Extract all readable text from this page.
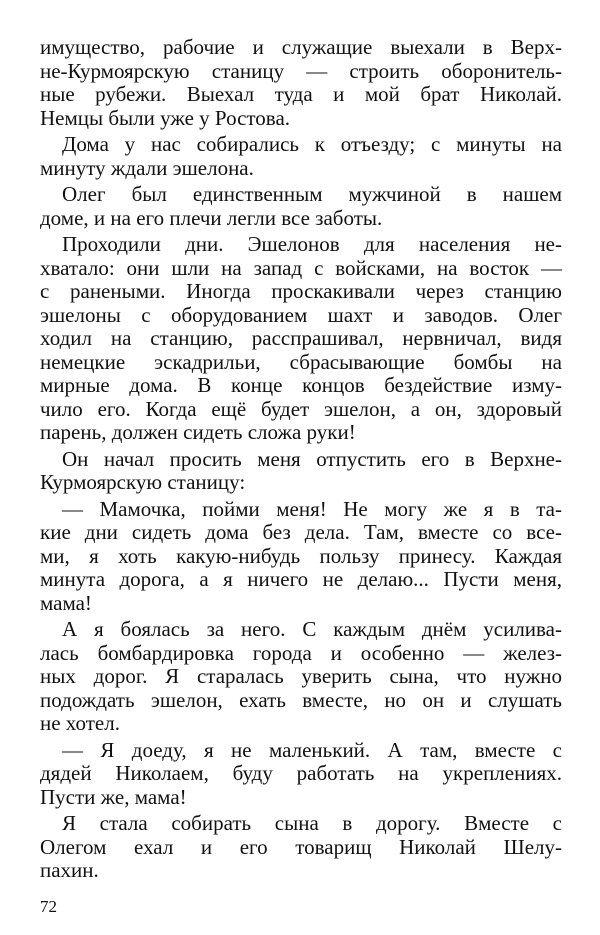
имущество, рабочие и служащие выехали в Верх-
не-Курмоярскую станицу — строить оборонитель-
ные рубежи. Выехал туда и мой брат Николай.
Немцы были уже у Ростова.
Дома у нас собирались к отъезду; с минуты на
минуту ждали эшелона.
Олег был единственным мужчиной в нашем
доме, и на его плечи легли все заботы.
Проходили дни. Эшелонов для населения не-
хватало: они шли на запад с войсками, на восток —
с ранеными. Иногда проскакивали через станцию
эшелоны с оборудованием шахт и заводов. Олег
ходил на станцию, расспрашивал, нервничал, видя
немецкие эскадрильи, сбрасывающие бомбы на
мирные дома. В конце концов бездействие изму-
чило его. Когда ещё будет эшелон, а он, здоровый
парень, должен сидеть сложа руки!
Он начал просить меня отпустить его в Верхне-
Курмоярскую станицу:
— Мамочка, пойми меня! Не могу же я в та-
кие дни сидеть дома без дела. Там, вместе со все-
ми, я хоть какую-нибудь пользу принесу. Каждая
минута дорога, а я ничего не делаю... Пусти меня,
мама!
А я боялась за него. С каждым днём усилива-
лась бомбардировка города и особенно — желез-
ных дорог. Я старалась уверить сына, что нужно
подождать эшелон, ехать вместе, но он и слушать
не хотел.
— Я доеду, я не маленький. А там, вместе с
дядей Николаем, буду работать на укреплениях.
Пусти же, мама!
Я стала собирать сына в дорогу. Вместе с
Олегом ехал и его товарищ Николай Шелу-
пахин.
72
